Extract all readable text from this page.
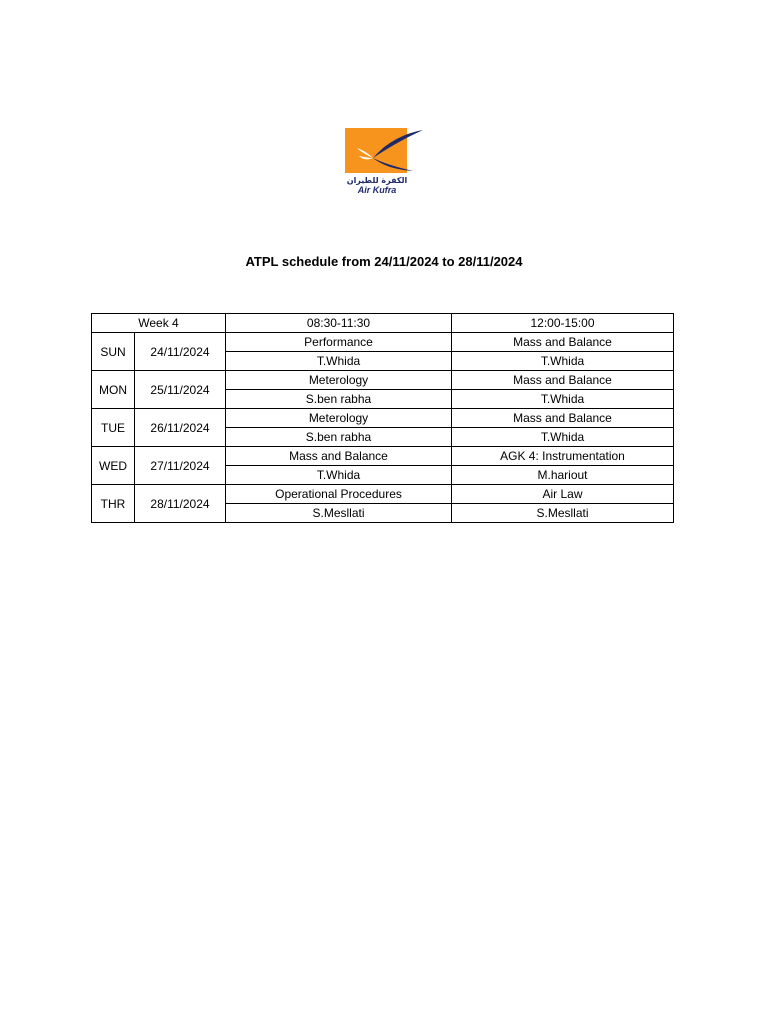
الكفرة للطيران
Air Kufra
ATPL schedule from 24/11/2024 to 28/11/2024
Week 4		08:30-11:30	12:00-15:00
SUN	24/11/2024	Performance	Mass and Balance
		T.Whida	T.Whida
MON	25/11/2024	Meterology	Mass and Balance
		S.ben rabha	T.Whida
TUE	26/11/2024	Meterology	Mass and Balance
		S.ben rabha	T.Whida
WED	27/11/2024	Mass and Balance	AGK 4: Instrumentation
		T.Whida	M.hariout
THR	28/11/2024	Operational Procedures	Air Law
		S.Mesllati	S.Mesllati
